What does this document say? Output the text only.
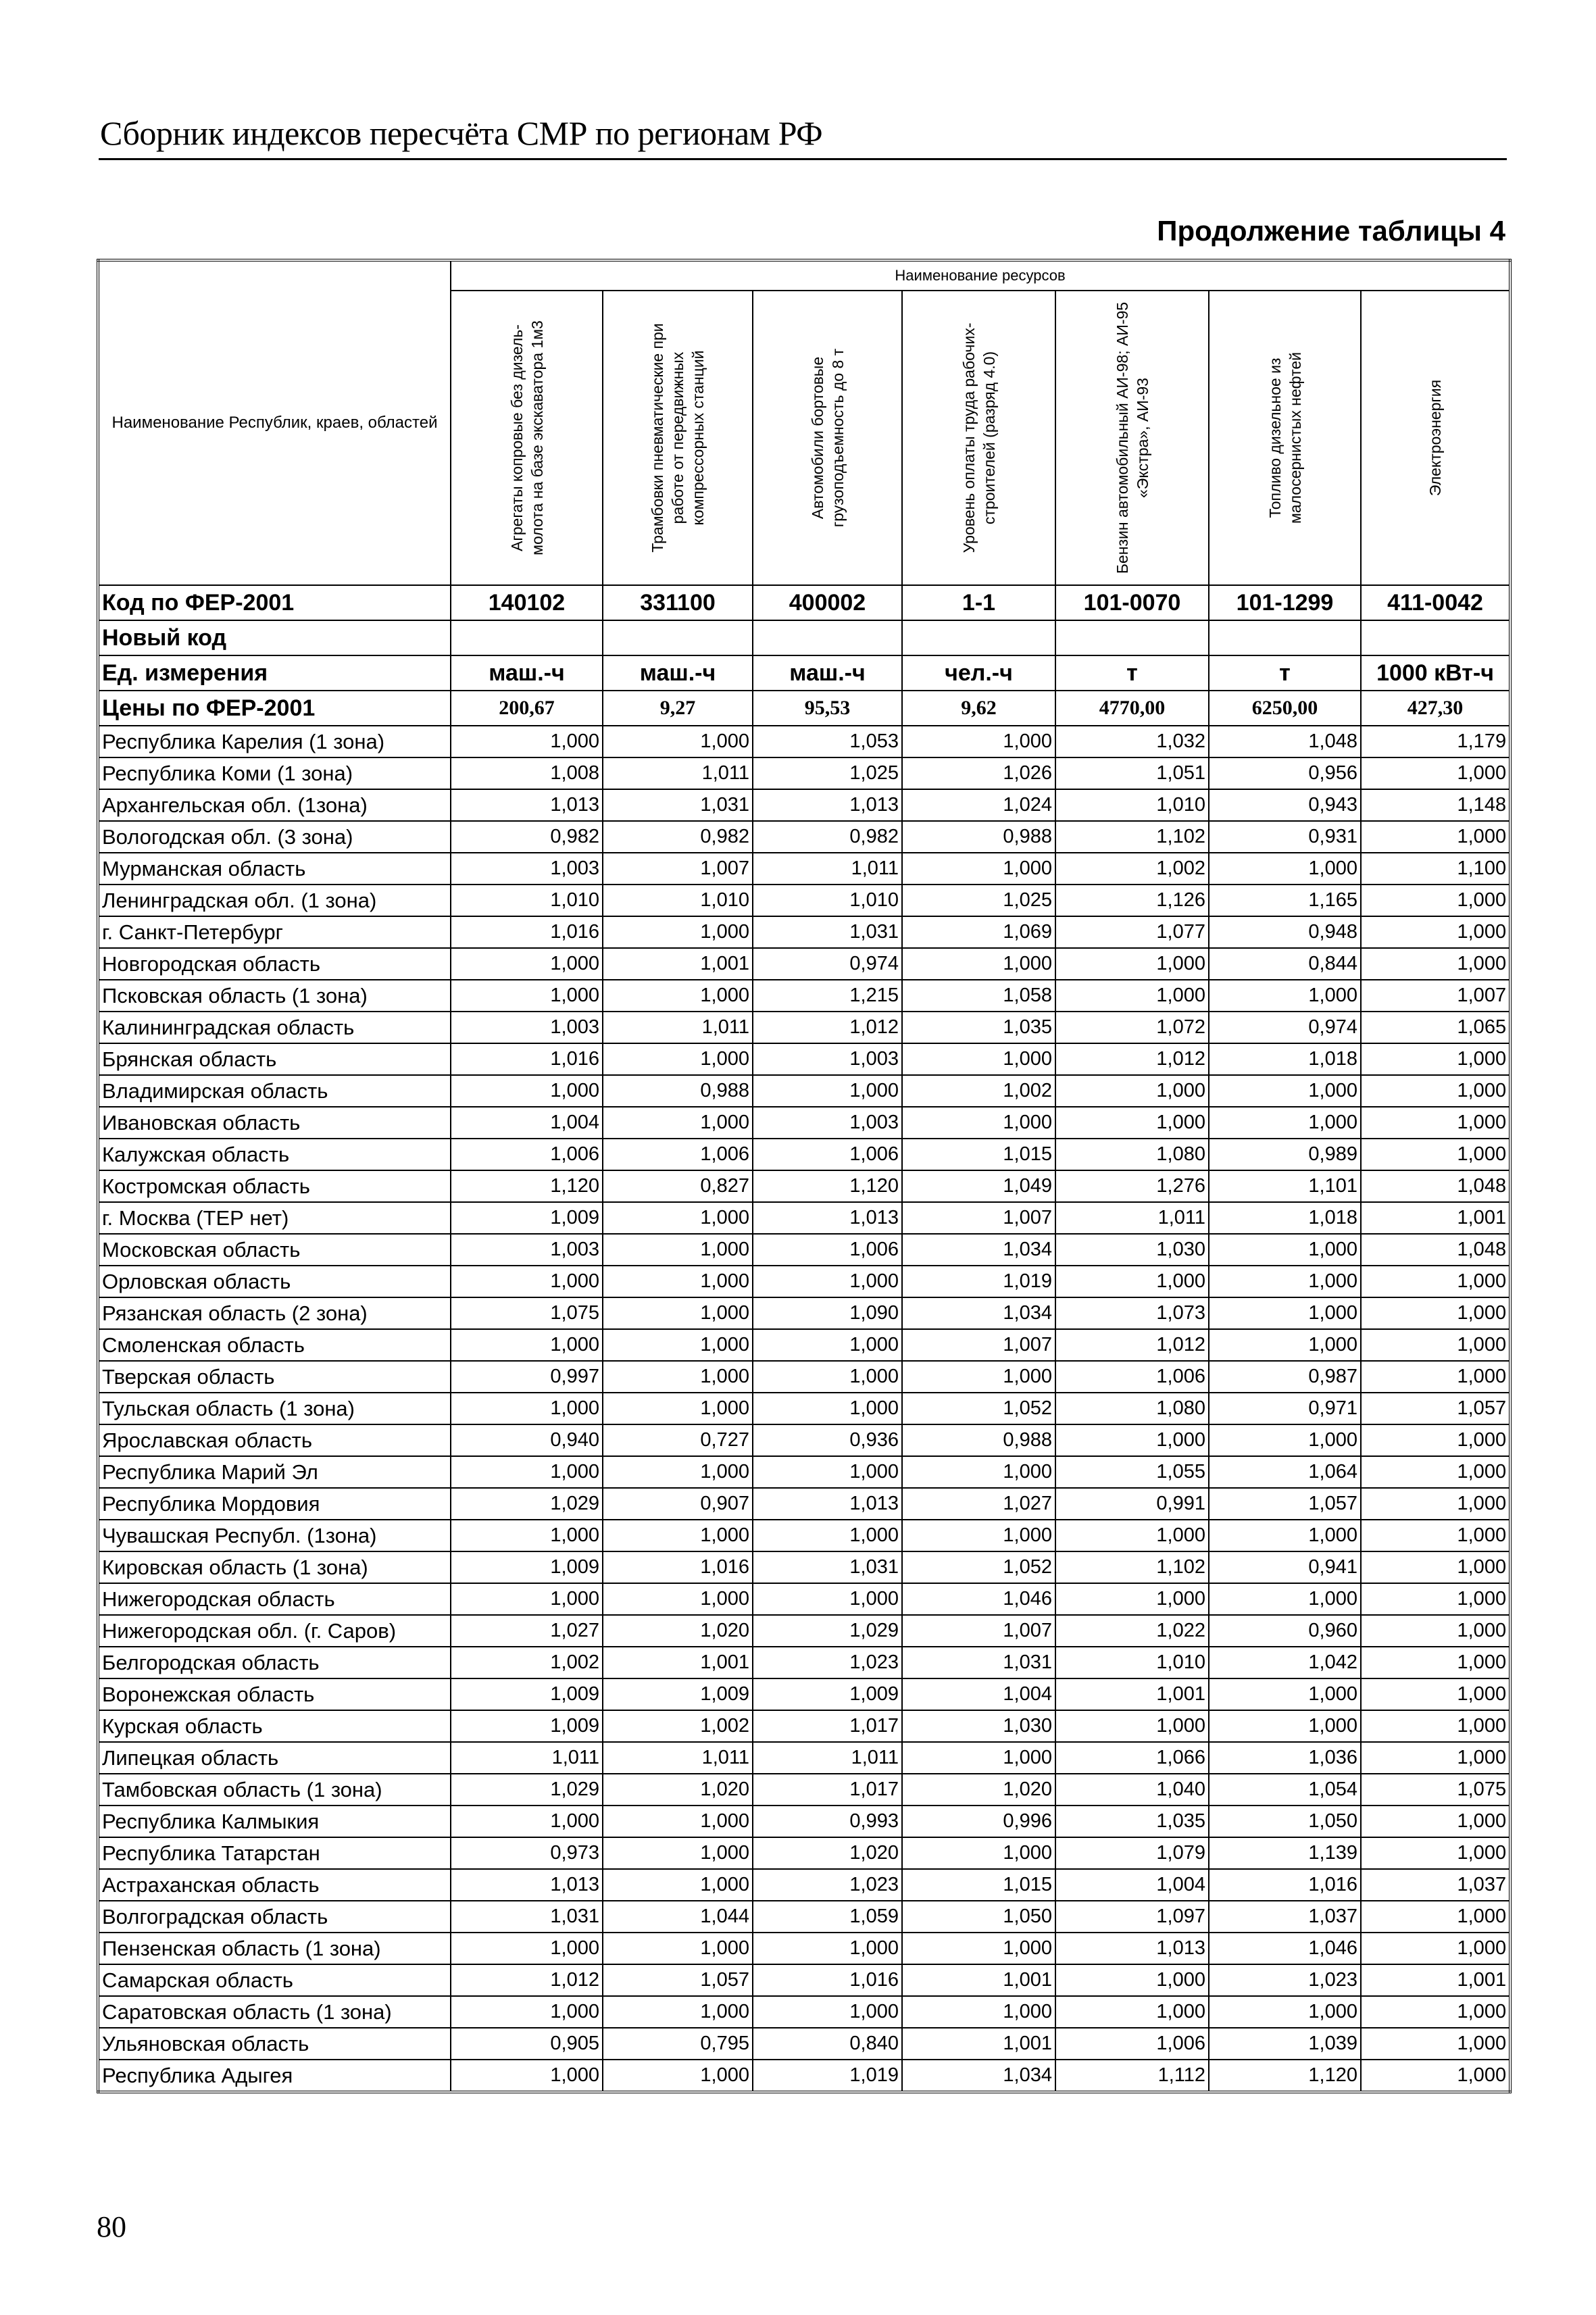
Сборник индексов пересчёта СМР по регионам РФ
Продолжение таблицы 4
Наименование Республик, краев, областей	Наименование ресурсов						

	Агрегаты копровые без дизель-молота на базе экскаватора 1м3	Трамбовки пневматические при работе от передвижных компрессорных станций	Автомобили бортовые грузоподъемность до 8 т	Уровень оплаты труда рабочих-строителей (разряд 4.0)	Бензин автомобильный АИ-98; АИ-95 «Экстра», АИ-93	Топливо дизельное из малосернистых нефтей	Электроэнергия

Код по ФЕР-2001	140102	331100	400002	1-1	101-0070	101-1299	411-0042
Новый код							
Ед. измерения	маш.-ч	маш.-ч	маш.-ч	чел.-ч	т	т	1000 кВт-ч
Цены по ФЕР-2001	200,67	9,27	95,53	9,62	4770,00	6250,00	427,30
Республика Карелия (1 зона)	1,000	1,000	1,053	1,000	1,032	1,048	1,179
Республика Коми (1 зона)	1,008	1,011	1,025	1,026	1,051	0,956	1,000
Архангельская обл. (1зона)	1,013	1,031	1,013	1,024	1,010	0,943	1,148
Вологодская обл. (3 зона)	0,982	0,982	0,982	0,988	1,102	0,931	1,000
Мурманская область	1,003	1,007	1,011	1,000	1,002	1,000	1,100
Ленинградская обл. (1 зона)	1,010	1,010	1,010	1,025	1,126	1,165	1,000
г. Санкт-Петербург	1,016	1,000	1,031	1,069	1,077	0,948	1,000
Новгородская область	1,000	1,001	0,974	1,000	1,000	0,844	1,000
Псковская область (1 зона)	1,000	1,000	1,215	1,058	1,000	1,000	1,007
Калининградская область	1,003	1,011	1,012	1,035	1,072	0,974	1,065
Брянская область	1,016	1,000	1,003	1,000	1,012	1,018	1,000
Владимирская область	1,000	0,988	1,000	1,002	1,000	1,000	1,000
Ивановская область	1,004	1,000	1,003	1,000	1,000	1,000	1,000
Калужская область	1,006	1,006	1,006	1,015	1,080	0,989	1,000
Костромская область	1,120	0,827	1,120	1,049	1,276	1,101	1,048
г. Москва (ТЕР нет)	1,009	1,000	1,013	1,007	1,011	1,018	1,001
Московская область	1,003	1,000	1,006	1,034	1,030	1,000	1,048
Орловская область	1,000	1,000	1,000	1,019	1,000	1,000	1,000
Рязанская область (2 зона)	1,075	1,000	1,090	1,034	1,073	1,000	1,000
Смоленская область	1,000	1,000	1,000	1,007	1,012	1,000	1,000
Тверская область	0,997	1,000	1,000	1,000	1,006	0,987	1,000
Тульская область (1 зона)	1,000	1,000	1,000	1,052	1,080	0,971	1,057
Ярославская область	0,940	0,727	0,936	0,988	1,000	1,000	1,000
Республика Марий Эл	1,000	1,000	1,000	1,000	1,055	1,064	1,000
Республика Мордовия	1,029	0,907	1,013	1,027	0,991	1,057	1,000
Чувашская Республ. (1зона)	1,000	1,000	1,000	1,000	1,000	1,000	1,000
Кировская область (1 зона)	1,009	1,016	1,031	1,052	1,102	0,941	1,000
Нижегородская область	1,000	1,000	1,000	1,046	1,000	1,000	1,000
Нижегородская обл. (г. Саров)	1,027	1,020	1,029	1,007	1,022	0,960	1,000
Белгородская область	1,002	1,001	1,023	1,031	1,010	1,042	1,000
Воронежская область	1,009	1,009	1,009	1,004	1,001	1,000	1,000
Курская область	1,009	1,002	1,017	1,030	1,000	1,000	1,000
Липецкая область	1,011	1,011	1,011	1,000	1,066	1,036	1,000
Тамбовская область (1 зона)	1,029	1,020	1,017	1,020	1,040	1,054	1,075
Республика Калмыкия	1,000	1,000	0,993	0,996	1,035	1,050	1,000
Республика Татарстан	0,973	1,000	1,020	1,000	1,079	1,139	1,000
Астраханская область	1,013	1,000	1,023	1,015	1,004	1,016	1,037
Волгоградская область	1,031	1,044	1,059	1,050	1,097	1,037	1,000
Пензенская область (1 зона)	1,000	1,000	1,000	1,000	1,013	1,046	1,000
Самарская область	1,012	1,057	1,016	1,001	1,000	1,023	1,001
Саратовская область (1 зона)	1,000	1,000	1,000	1,000	1,000	1,000	1,000
Ульяновская область	0,905	0,795	0,840	1,001	1,006	1,039	1,000
Республика Адыгея	1,000	1,000	1,019	1,034	1,112	1,120	1,000
80
